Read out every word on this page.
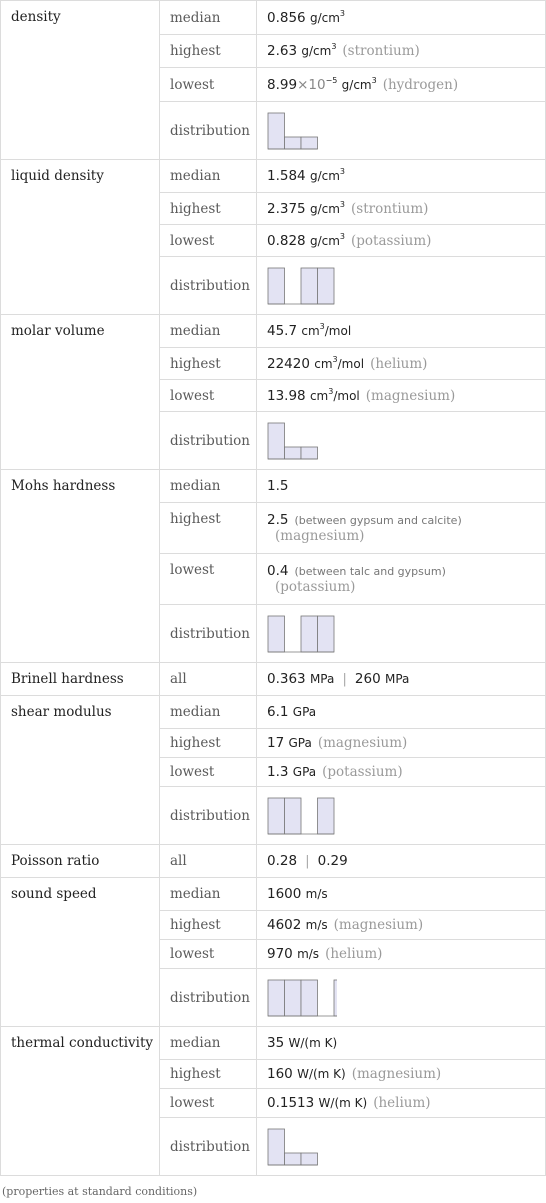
density	median	0.856 $g/cm^3$
	highest	2.63 $g/cm^3$ (strontium)
	lowest	$8.99\times 10^{-5}$ $g/cm^3$ (hydrogen)
	distribution	

liquid density	median	1.584 $g/cm^3$
	highest	2.375 $g/cm^3$ (strontium)
	lowest	0.828 $g/cm^3$ (potassium)
	distribution	

molar volume	median	45.7 $cm^3$/mol
	highest	22420 $cm^3$/mol (helium)
	lowest	13.98 $cm^3$/mol (magnesium)
	distribution	

Mohs hardness	median	1.5
	highest	2.5 (between gypsum and calcite)
(magnesium)

	lowest	0.4 (between talc and gypsum)
(potassium)

	distribution	

Brinell hardness	all	0.363 MPa | 260 MPa
shear modulus	median	6.1 GPa
	highest	17 GPa (magnesium)
	lowest	1.3 GPa (potassium)
	distribution	

Poisson ratio	all	0.28 | 0.29
sound speed	median	1600 m/s
	highest	4602 m/s (magnesium)
	lowest	970 m/s (helium)
	distribution	

thermal conductivity	median	35 W/(m K)
	highest	160 W/(m K) (magnesium)
	lowest	0.1513 W/(m K) (helium)
	distribution	
(properties at standard conditions)
